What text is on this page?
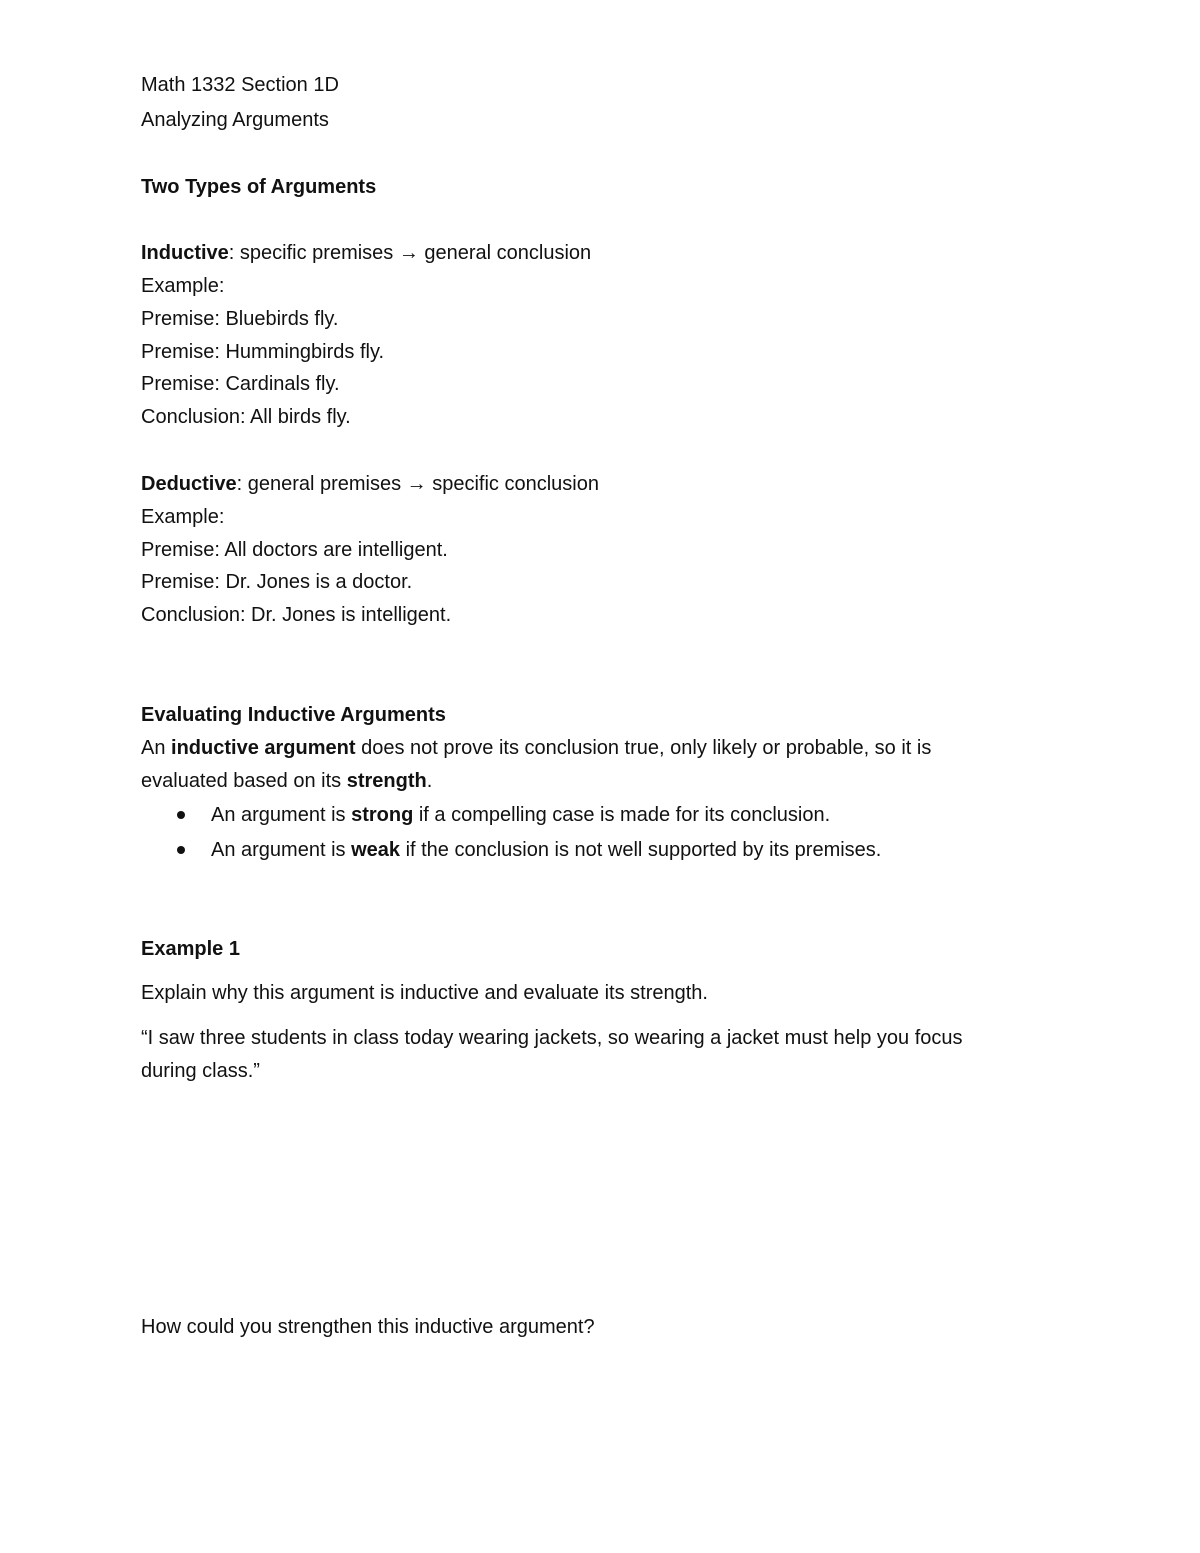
Math 1332 Section 1D
Analyzing Arguments
Two Types of Arguments
Inductive: specific premises → general conclusion
Example:
Premise: Bluebirds fly.
Premise: Hummingbirds fly.
Premise: Cardinals fly.
Conclusion: All birds fly.
Deductive: general premises → specific conclusion
Example:
Premise: All doctors are intelligent.
Premise: Dr. Jones is a doctor.
Conclusion: Dr. Jones is intelligent.
Evaluating Inductive Arguments
An inductive argument does not prove its conclusion true, only likely or probable, so it is
evaluated based on its strength.
An argument is strong if a compelling case is made for its conclusion.
An argument is weak if the conclusion is not well supported by its premises.
Example 1
Explain why this argument is inductive and evaluate its strength.
“I saw three students in class today wearing jackets, so wearing a jacket must help you focus
during class.”
How could you strengthen this inductive argument?
